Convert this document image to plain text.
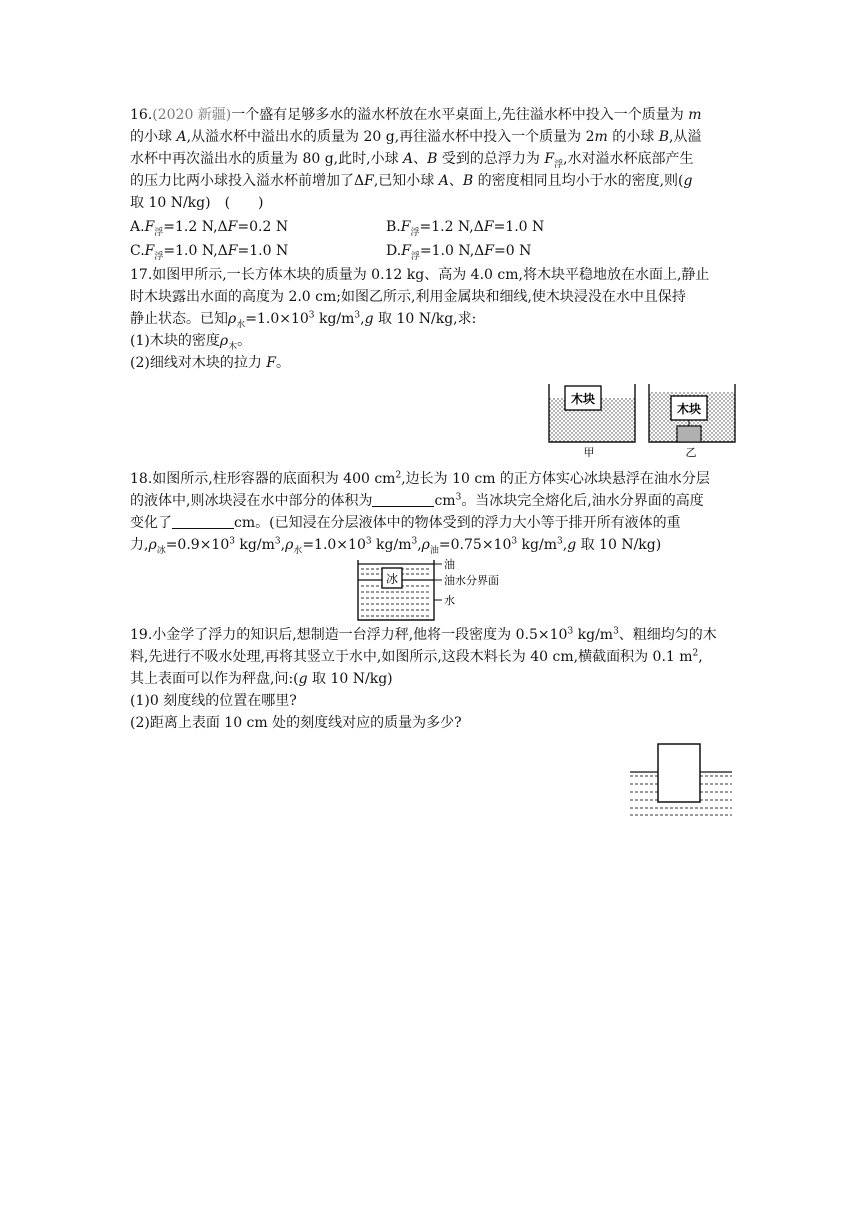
16.(2020 新疆)一个盛有足够多水的溢水杯放在水平桌面上,先往溢水杯中投入一个质量为 m
的小球 A,从溢水杯中溢出水的质量为 20 g,再往溢水杯中投入一个质量为 2m 的小球 B,从溢
水杯中再次溢出水的质量为 80 g,此时,小球 A、B 受到的总浮力为 $F_浮$,水对溢水杯底部产生
的压力比两小球投入溢水杯前增加了ΔF,已知小球 A、B 的密度相同且均小于水的密度,则(g
取 10 N/kg)　(　　)
$A.F_浮=1.2$ N,ΔF=0.2 N	$B.F_浮=1.2$ N,ΔF=1.0 N
$C.F_浮=1.0$ N,ΔF=1.0 N	$D.F_浮=1.0$ N,ΔF=0 N
17.如图甲所示,一长方体木块的质量为 0.12 kg、高为 4.0 cm,将木块平稳地放在水面上,静止
时木块露出水面的高度为 2.0 cm;如图乙所示,利用金属块和细线,使木块浸没在水中且保持
静止状态。已知$\rho_水=1.0\times 10^3$ $kg/m^3,g$ 取 10 N/kg,求:
(1)木块的密度$\rho_木$。
(2)细线对木块的拉力 F。
木块
甲
木块
乙
18.如图所示,柱形容器的底面积为 400 $cm^2$,边长为 10 cm 的正方体实心冰块悬浮在油水分层
的液体中,则冰块浸在水中部分的体积为	$cm^3$。当冰块完全熔化后,油水分界面的高度
变化了	cm。(已知浸在分层液体中的物体受到的浮力大小等于排开所有液体的重
力$,\rho_冰=0.9\times 10^3$ $kg/m^3,\rho_水=1.0\times 10^3$ $kg/m^3,\rho_油=0.75\times 10^3$ $kg/m^3,g$ 取 10 N/kg)
冰
油
油水分界面
水
19.小金学了浮力的知识后,想制造一台浮力秤,他将一段密度为 $0.5\times 10^3$ $kg/m^3$、粗细均匀的木
料,先进行不吸水处理,再将其竖立于水中,如图所示,这段木料长为 40 cm,横截面积为 0.1 $m^2$,
其上表面可以作为秤盘,问:(g 取 10 N/kg)
(1)0 刻度线的位置在哪里?
(2)距离上表面 10 cm 处的刻度线对应的质量为多少?
